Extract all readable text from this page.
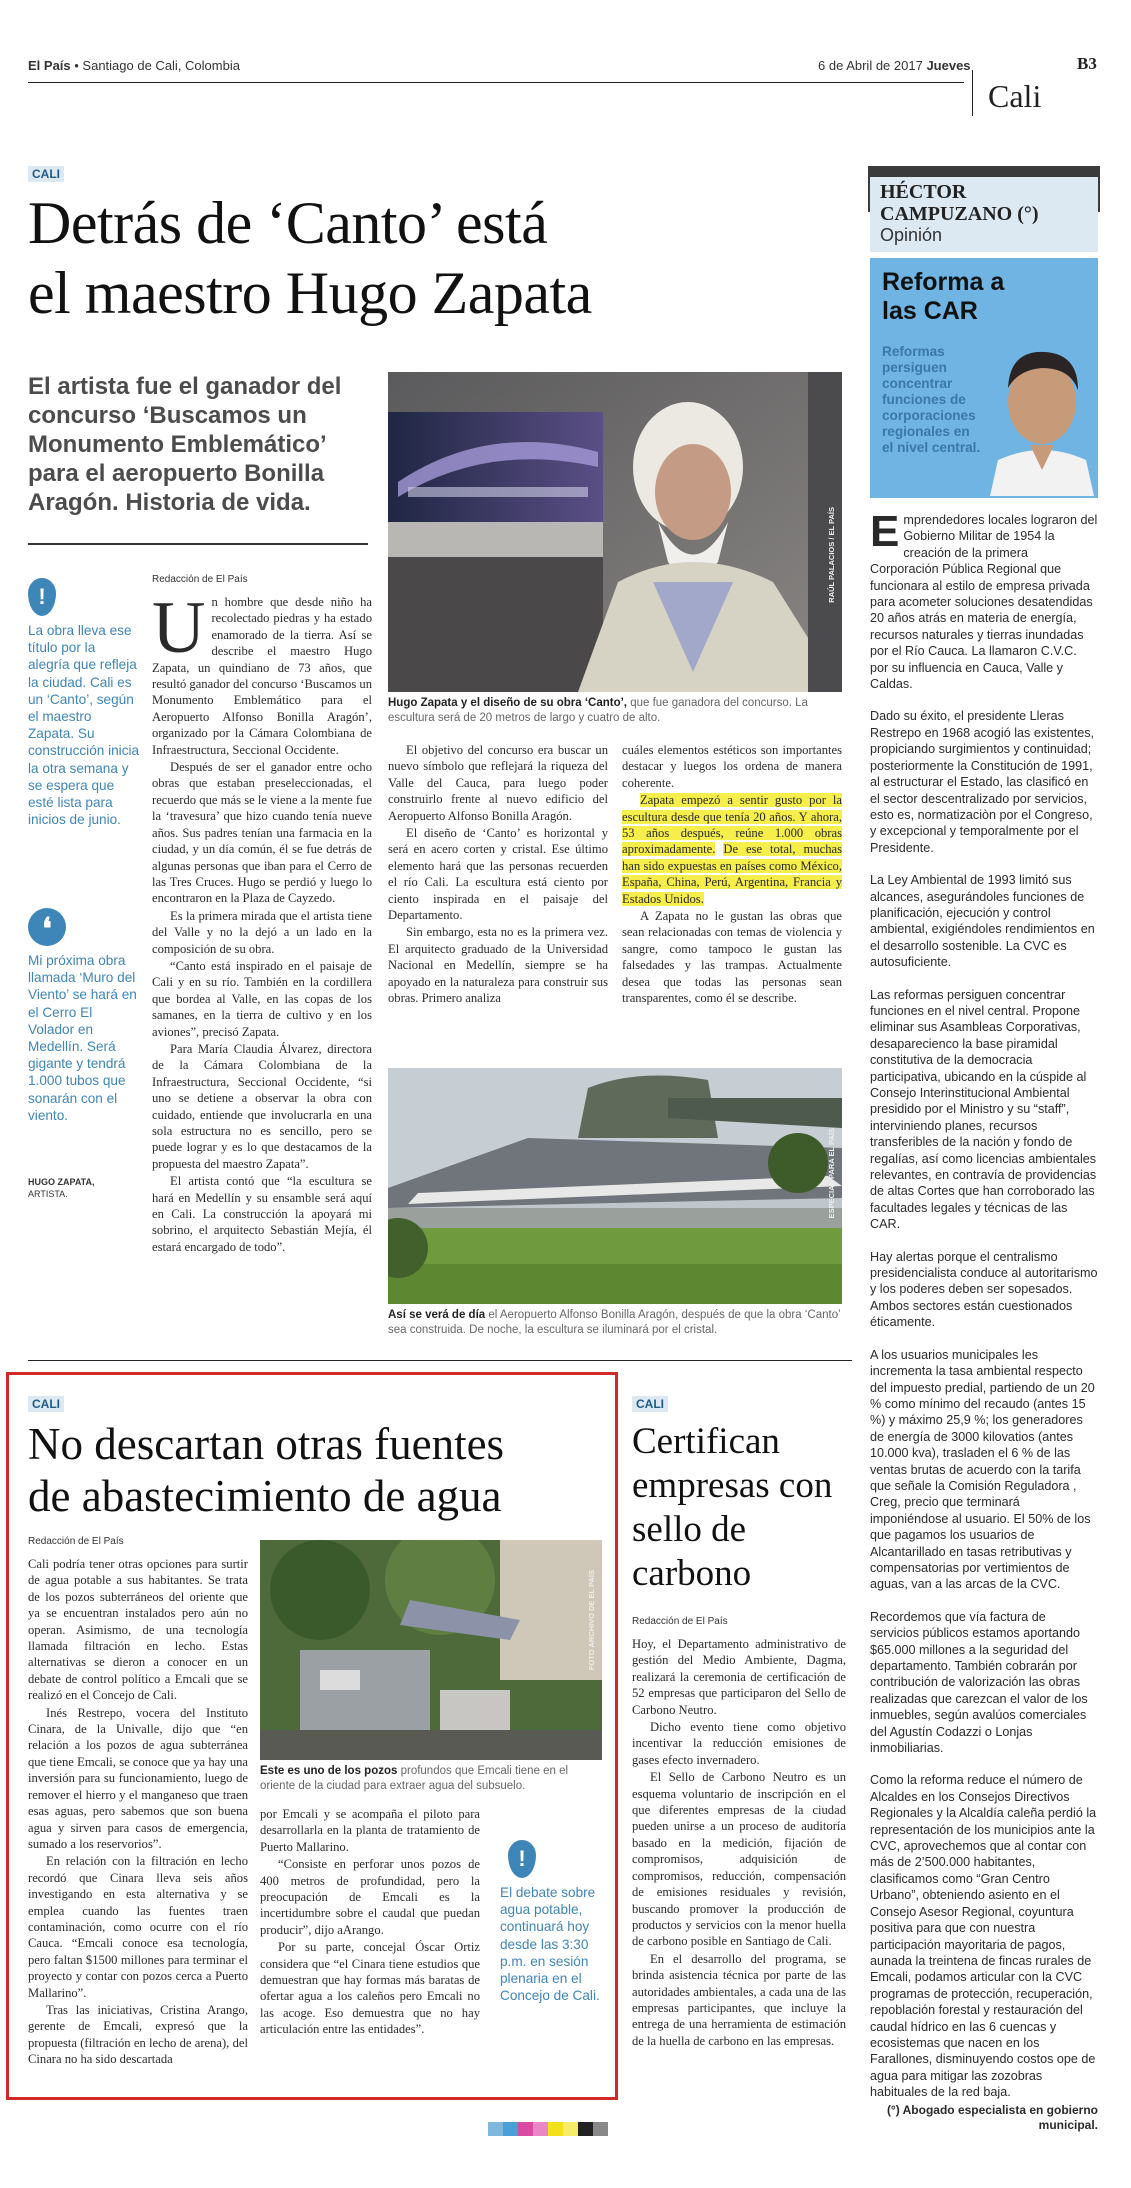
El País • Santiago de Cali, Colombia	6 de Abril de 2017 Jueves	B3
Cali
CALI
Detrás de ‘Canto’ está
el maestro Hugo Zapata
El artista fue el ganador del concurso ‘Buscamos un Monumento Emblemático’ para el aeropuerto Bonilla Aragón. Historia de vida.
!
La obra lleva ese título por la alegría que refleja la ciudad. Cali es un ‘Canto’, según el maestro Zapata. Su construcción inicia la otra semana y se espera que esté lista para inicios de junio.
❛
Mi próxima obra llamada ‘Muro del Viento’ se hará en el Cerro El Volador en Medellín. Será gigante y tendrá 1.000 tubos que sonarán con el viento.
HUGO ZAPATA,
ARTISTA.
Redacción de El País

Un hombre que desde niño ha recolectado piedras y ha estado enamorado de la tierra. Así se describe el maestro Hugo Zapata, un quindiano de 73 años, que resultó ganador del concurso ‘Buscamos un Monumento Emblemático para el Aeropuerto Alfonso Bonilla Aragón’, organizado por la Cámara Colombiana de Infraestructura, Seccional Occidente.

Después de ser el ganador entre ocho obras que estaban preseleccionadas, el recuerdo que más se le viene a la mente fue la ‘travesura’ que hizo cuando tenía nueve años. Sus padres tenían una farmacia en la ciudad, y un día común, él se fue detrás de algunas personas que iban para el Cerro de las Tres Cruces. Hugo se perdió y luego lo encontraron en la Plaza de Cayzedo.

Es la primera mirada que el artista tiene del Valle y no la dejó a un lado en la composición de su obra.

“Canto está inspirado en el paisaje de Cali y en su río. También en la cordillera que bordea al Valle, en las copas de los samanes, en la tierra de cultivo y en los aviones”, precisó Zapata.

Para María Claudia Álvarez, directora de la Cámara Colombiana de la Infraestructura, Seccional Occidente, “si uno se detiene a observar la obra con cuidado, entiende que involucrarla en una sola estructura no es sencillo, pero se puede lograr y es lo que destacamos de la propuesta del maestro Zapata”.

El artista contó que “la escultura se hará en Medellín y su ensamble será aquí en Cali. La construcción la apoyará mi sobrino, el arquitecto Sebastián Mejía, él estará encargado de todo”.

RAÚL PALACIOS / EL PAÍS
Hugo Zapata y el diseño de su obra ‘Canto’, que fue ganadora del concurso. La escultura será de 20 metros de largo y cuatro de alto.

El objetivo del concurso era buscar un nuevo símbolo que reflejará la riqueza del Valle del Cauca, para luego poder construirlo frente al nuevo edificio del Aeropuerto Alfonso Bonilla Aragón.

El diseño de ‘Canto’ es horizontal y será en acero corten y cristal. Ese último elemento hará que las personas recuerden el río Cali. La escultura está ciento por ciento inspirada en el paisaje del Departamento.

Sin embargo, esta no es la primera vez. El arquitecto graduado de la Universidad Nacional en Medellín, siempre se ha apoyado en la naturaleza para construir sus obras. Primero analiza

cuáles elementos estéticos son importantes destacar y luegos los ordena de manera coherente.

Zapata empezó a sentir gusto por la escultura desde que tenía 20 años. Y ahora, 53 años después, reúne 1.000 obras aproximadamente. De ese total, muchas han sido expuestas en países como México, España, China, Perú, Argentina, Francia y Estados Unidos.

A Zapata no le gustan las obras que sean relacionadas con temas de violencia y sangre, como tampoco le gustan las falsedades y las trampas. Actualmente desea que todas las personas sean transparentes, como él se describe.

ESPECIAL PARA EL PAÍS
Así se verá de día el Aeropuerto Alfonso Bonilla Aragón, después de que la obra ‘Canto’ sea construida. De noche, la escultura se iluminará por el cristal.
HÉCTOR
CAMPUZANO (°)
Opinión
Reforma a las CAR
Reformas persiguen concentrar funciones de corporaciones regionales en el nivel central.

Emprendedores locales lograron del Gobierno Militar de 1954 la creación de la primera Corporación Pública Regional que funcionara al estilo de empresa privada para acometer soluciones desatendidas 20 años atrás en materia de energía, recursos naturales y tierras inundadas por el Río Cauca. La llamaron C.V.C. por su influencia en Cauca, Valle y Caldas.

Dado su éxito, el presidente Lleras Restrepo en 1968 acogió las existentes, propiciando surgimientos y continuidad; posteriormente la Constitución de 1991, al estructurar el Estado, las clasificó en el sector descentralizado por servicios, esto es, normatizaciòn por el Congreso, y excepcional y temporalmente por el Presidente.

La Ley Ambiental de 1993 limitó sus alcances, asegurándoles funciones de planificación, ejecución y control ambiental, exigiéndoles rendimientos en el desarrollo sostenible. La CVC es autosuficiente.

Las reformas persiguen concentrar funciones en el nivel central. Propone eliminar sus Asambleas Corporativas, desaparecienco la base piramidal constitutiva de la democracia participativa, ubicando en la cúspide al Consejo Interinstitucional Ambiental presidido por el Ministro y su “staff”, interviniendo planes, recursos transferibles de la nación y fondo de regalías, así como licencias ambientales relevantes, en contravía de providencias de altas Cortes que han corroborado las facultades legales y técnicas de las CAR.

Hay alertas porque el centralismo presidencialista conduce al autoritarismo y los poderes deben ser sopesados. Ambos sectores están cuestionados éticamente.

A los usuarios municipales les incrementa la tasa ambiental respecto del impuesto predial, partiendo de un 20 % como mínimo del recaudo (antes 15 %) y máximo 25,9 %; los generadores de energía de 3000 kilovatios (antes 10.000 kva), trasladen el 6 % de las ventas brutas de acuerdo con la tarifa que señale la Comisión Reguladora , Creg, precio que terminará imponiéndose al usuario. El 50% de los que pagamos los usuarios de Alcantarillado en tasas retributivas y compensatorias por vertimientos de aguas, van a las arcas de la CVC.

Recordemos que vía factura de servicios públicos estamos aportando $65.000 millones a la seguridad del departamento. También cobrarán por contribución de valorización las obras realizadas que carezcan el valor de los inmuebles, según avalúos comerciales del Agustín Codazzi o Lonjas inmobiliarias.

Como la reforma reduce el número de Alcaldes en los Consejos Directivos Regionales y la Alcaldía caleña perdió la representación de los municipios ante la CVC, aprovechemos que al contar con más de 2’500.000 habitantes, clasificamos como “Gran Centro Urbano”, obteniendo asiento en el Consejo Asesor Regional, coyuntura positiva para que con nuestra participación mayoritaria de pagos, aunada la treintena de fincas rurales de Emcali, podamos articular con la CVC programas de protección, recuperación, repoblación forestal y restauración del caudal hídrico en las 6 cuencas y ecosistemas que nacen en los Farallones, disminuyendo costos ope de agua para mitigar las zozobras habituales de la red baja.

(°) Abogado especialista en gobierno
municipal.
CALI
No descartan otras fuentes
de abastecimiento de agua
Redacción de El País

Cali podría tener otras opciones para surtir de agua potable a sus habitantes. Se trata de los pozos subterráneos del oriente que ya se encuentran instalados pero aún no operan. Asimismo, de una tecnología llamada filtración en lecho. Estas alternativas se dieron a conocer en un debate de control político a Emcali que se realizó en el Concejo de Cali.

Inés Restrepo, vocera del Instituto Cinara, de la Univalle, dijo que “en relación a los pozos de agua subterránea que tiene Emcali, se conoce que ya hay una inversión para su funcionamiento, luego de remover el hierro y el manganeso que traen esas aguas, pero sabemos que son buena agua y sirven para casos de emergencia, sumado a los reservorios”.

En relación con la filtración en lecho recordó que Cinara lleva seis años investigando en esta alternativa y se emplea cuando las fuentes traen contaminación, como ocurre con el río Cauca. “Emcali conoce esa tecnología, pero faltan $1500 millones para terminar el proyecto y contar con pozos cerca a Puerto Mallarino”.

Tras las iniciativas, Cristina Arango, gerente de Emcali, expresó que la propuesta (filtración en lecho de arena), del Cinara no ha sido descartada

FOTO ARCHIVO DE EL PAÍS
Este es uno de los pozos profundos que Emcali tiene en el oriente de la ciudad para extraer agua del subsuelo.

por Emcali y se acompaña el piloto para desarrollarla en la planta de tratamiento de Puerto Mallarino.

“Consiste en perforar unos pozos de 400 metros de profundidad, pero la preocupación de Emcali es la incertidumbre sobre el caudal que puedan producir”, dijo aArango.

Por su parte, concejal Óscar Ortiz considera que “el Cinara tiene estudios que demuestran que hay formas más baratas de ofertar agua a los caleños pero Emcali no las acoge. Eso demuestra que no hay articulación entre las entidades”.

!
El debate sobre agua potable, continuará hoy desde las 3:30 p.m. en sesión plenaria en el Concejo de Cali.
CALI
Certifican empresas con sello de carbono
Redacción de El País

Hoy, el Departamento administrativo de gestión del Medio Ambiente, Dagma, realizará la ceremonia de certificación de 52 empresas que participaron del Sello de Carbono Neutro.

Dicho evento tiene como objetivo incentivar la reducción emisiones de gases efecto invernadero.

El Sello de Carbono Neutro es un esquema voluntario de inscripción en el que diferentes empresas de la ciudad pueden unirse a un proceso de auditoría basado en la medición, fijación de compromisos, adquisición de compromisos, reducción, compensación de emisiones residuales y revisión, buscando promover la producción de productos y servicios con la menor huella de carbono posible en Santiago de Cali.

En el desarrollo del programa, se brinda asistencia técnica por parte de las autoridades ambientales, a cada una de las empresas participantes, que incluye la entrega de una herramienta de estimación de la huella de carbono en las empresas.
